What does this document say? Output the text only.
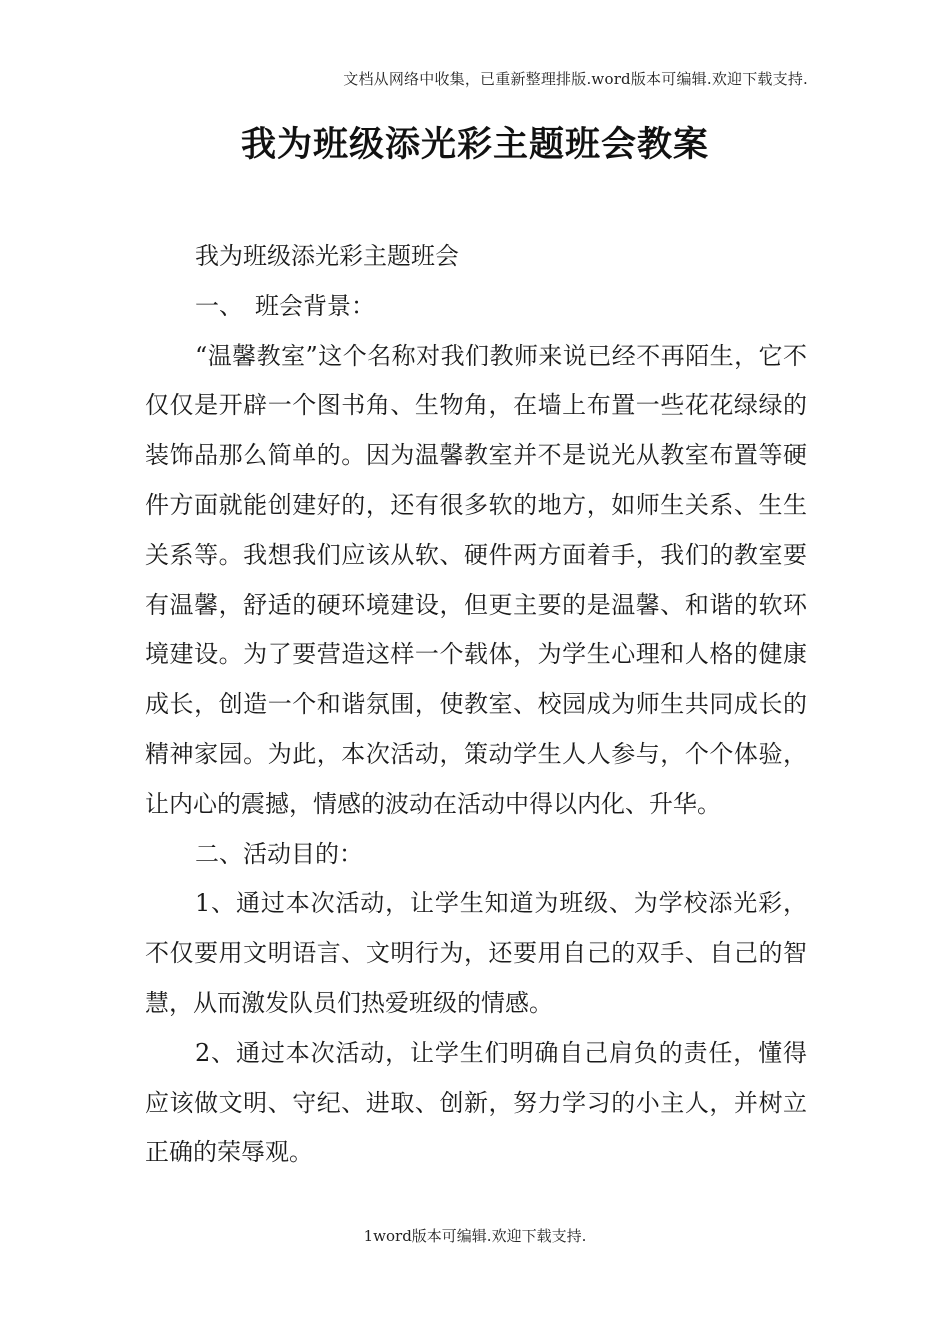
文档从网络中收集，已重新整理排版.word版本可编辑.欢迎下载支持.
我为班级添光彩主题班会教案

我为班级添光彩主题班会

一、　班会背景：

“温馨教室”这个名称对我们教师来说已经不再陌生，它不仅仅是开辟一个图书角、生物角，在墙上布置一些花花绿绿的装饰品那么简单的。因为温馨教室并不是说光从教室布置等硬件方面就能创建好的，还有很多软的地方，如师生关系、生生关系等。我想我们应该从软、硬件两方面着手，我们的教室要有温馨，舒适的硬环境建设，但更主要的是温馨、和谐的软环境建设。为了要营造这样一个载体，为学生心理和人格的健康成长，创造一个和谐氛围，使教室、校园成为师生共同成长的精神家园。为此，本次活动，策动学生人人参与，个个体验，让内心的震撼，情感的波动在活动中得以内化、升华。

二、活动目的：

1、通过本次活动，让学生知道为班级、为学校添光彩，不仅要用文明语言、文明行为，还要用自己的双手、自己的智慧，从而激发队员们热爱班级的情感。

2、通过本次活动，让学生们明确自己肩负的责任，懂得应该做文明、守纪、进取、创新，努力学习的小主人，并树立正确的荣辱观。

1word版本可编辑.欢迎下载支持.
